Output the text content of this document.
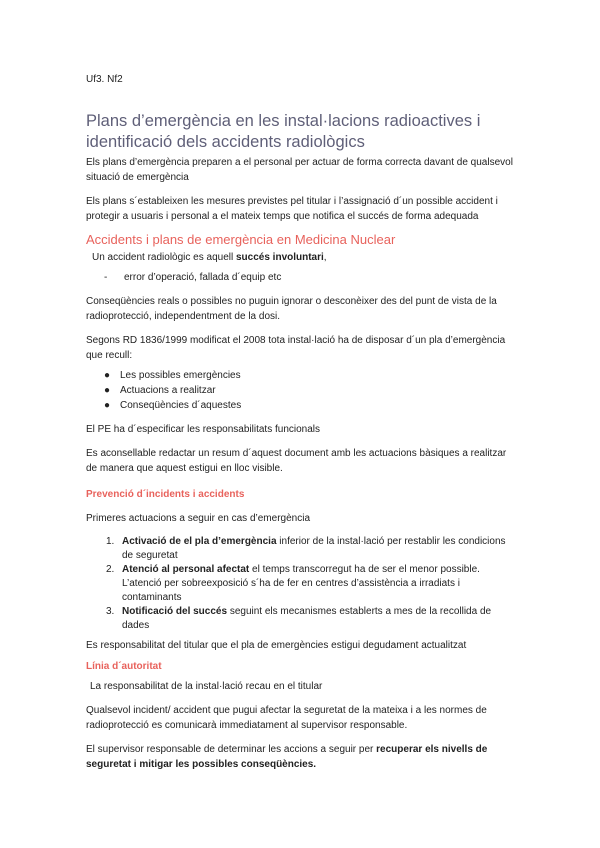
Uf3. Nf2

Plans d’emergència en les instal·lacions radioactives i identificació dels accidents radiològics

Els plans d’emergència preparen a el personal per actuar de forma correcta davant de qualsevol situació de emergència

Els plans s´estableixen les mesures previstes pel titular i l’assignació d´un possible accident i protegir a usuaris i personal a el mateix temps que notifica el succés de forma adequada

Accidents i plans de emergència en Medicina Nuclear

Un accident radiològic es aquell succés involuntari,

- error d’operació, fallada d´equip etc

Conseqüències reals o possibles no puguin ignorar o desconèixer des del punt de vista de la radioprotecció, independentment de la dosi.

Segons RD 1836/1999 modificat el 2008 tota instal·lació ha de disposar d´un pla d’emergència que recull:

● Les possibles emergències
● Actuacions a realitzar
● Conseqüències d´aquestes

El PE ha d´especificar les responsabilitats funcionals

Es aconsellable redactar un resum d´aquest document amb les actuacions bàsiques a realitzar de manera que aquest estigui en lloc visible.

Prevenció d´incidents i accidents

Primeres actuacions a seguir en cas d’emergència

1. Activació de el pla d’emergència inferior de la instal·lació per restablir les condicions de seguretat
2. Atenció al personal afectat el temps transcorregut ha de ser el menor possible. L’atenció per sobreexposició s´ha de fer en centres d’assistència a irradiats i contaminants
3. Notificació del succés seguint els mecanismes establerts a mes de la recollida de dades

Es responsabilitat del titular que el pla de emergències estigui degudament actualitzat

Línia d´autoritat

La responsabilitat de la instal·lació recau en el titular

Qualsevol incident/ accident que pugui afectar la seguretat de la mateixa i a les normes de radioprotecció es comunicarà immediatament al supervisor responsable.

El supervisor responsable de determinar les accions a seguir per recuperar els nivells de seguretat i mitigar les possibles conseqüències.
